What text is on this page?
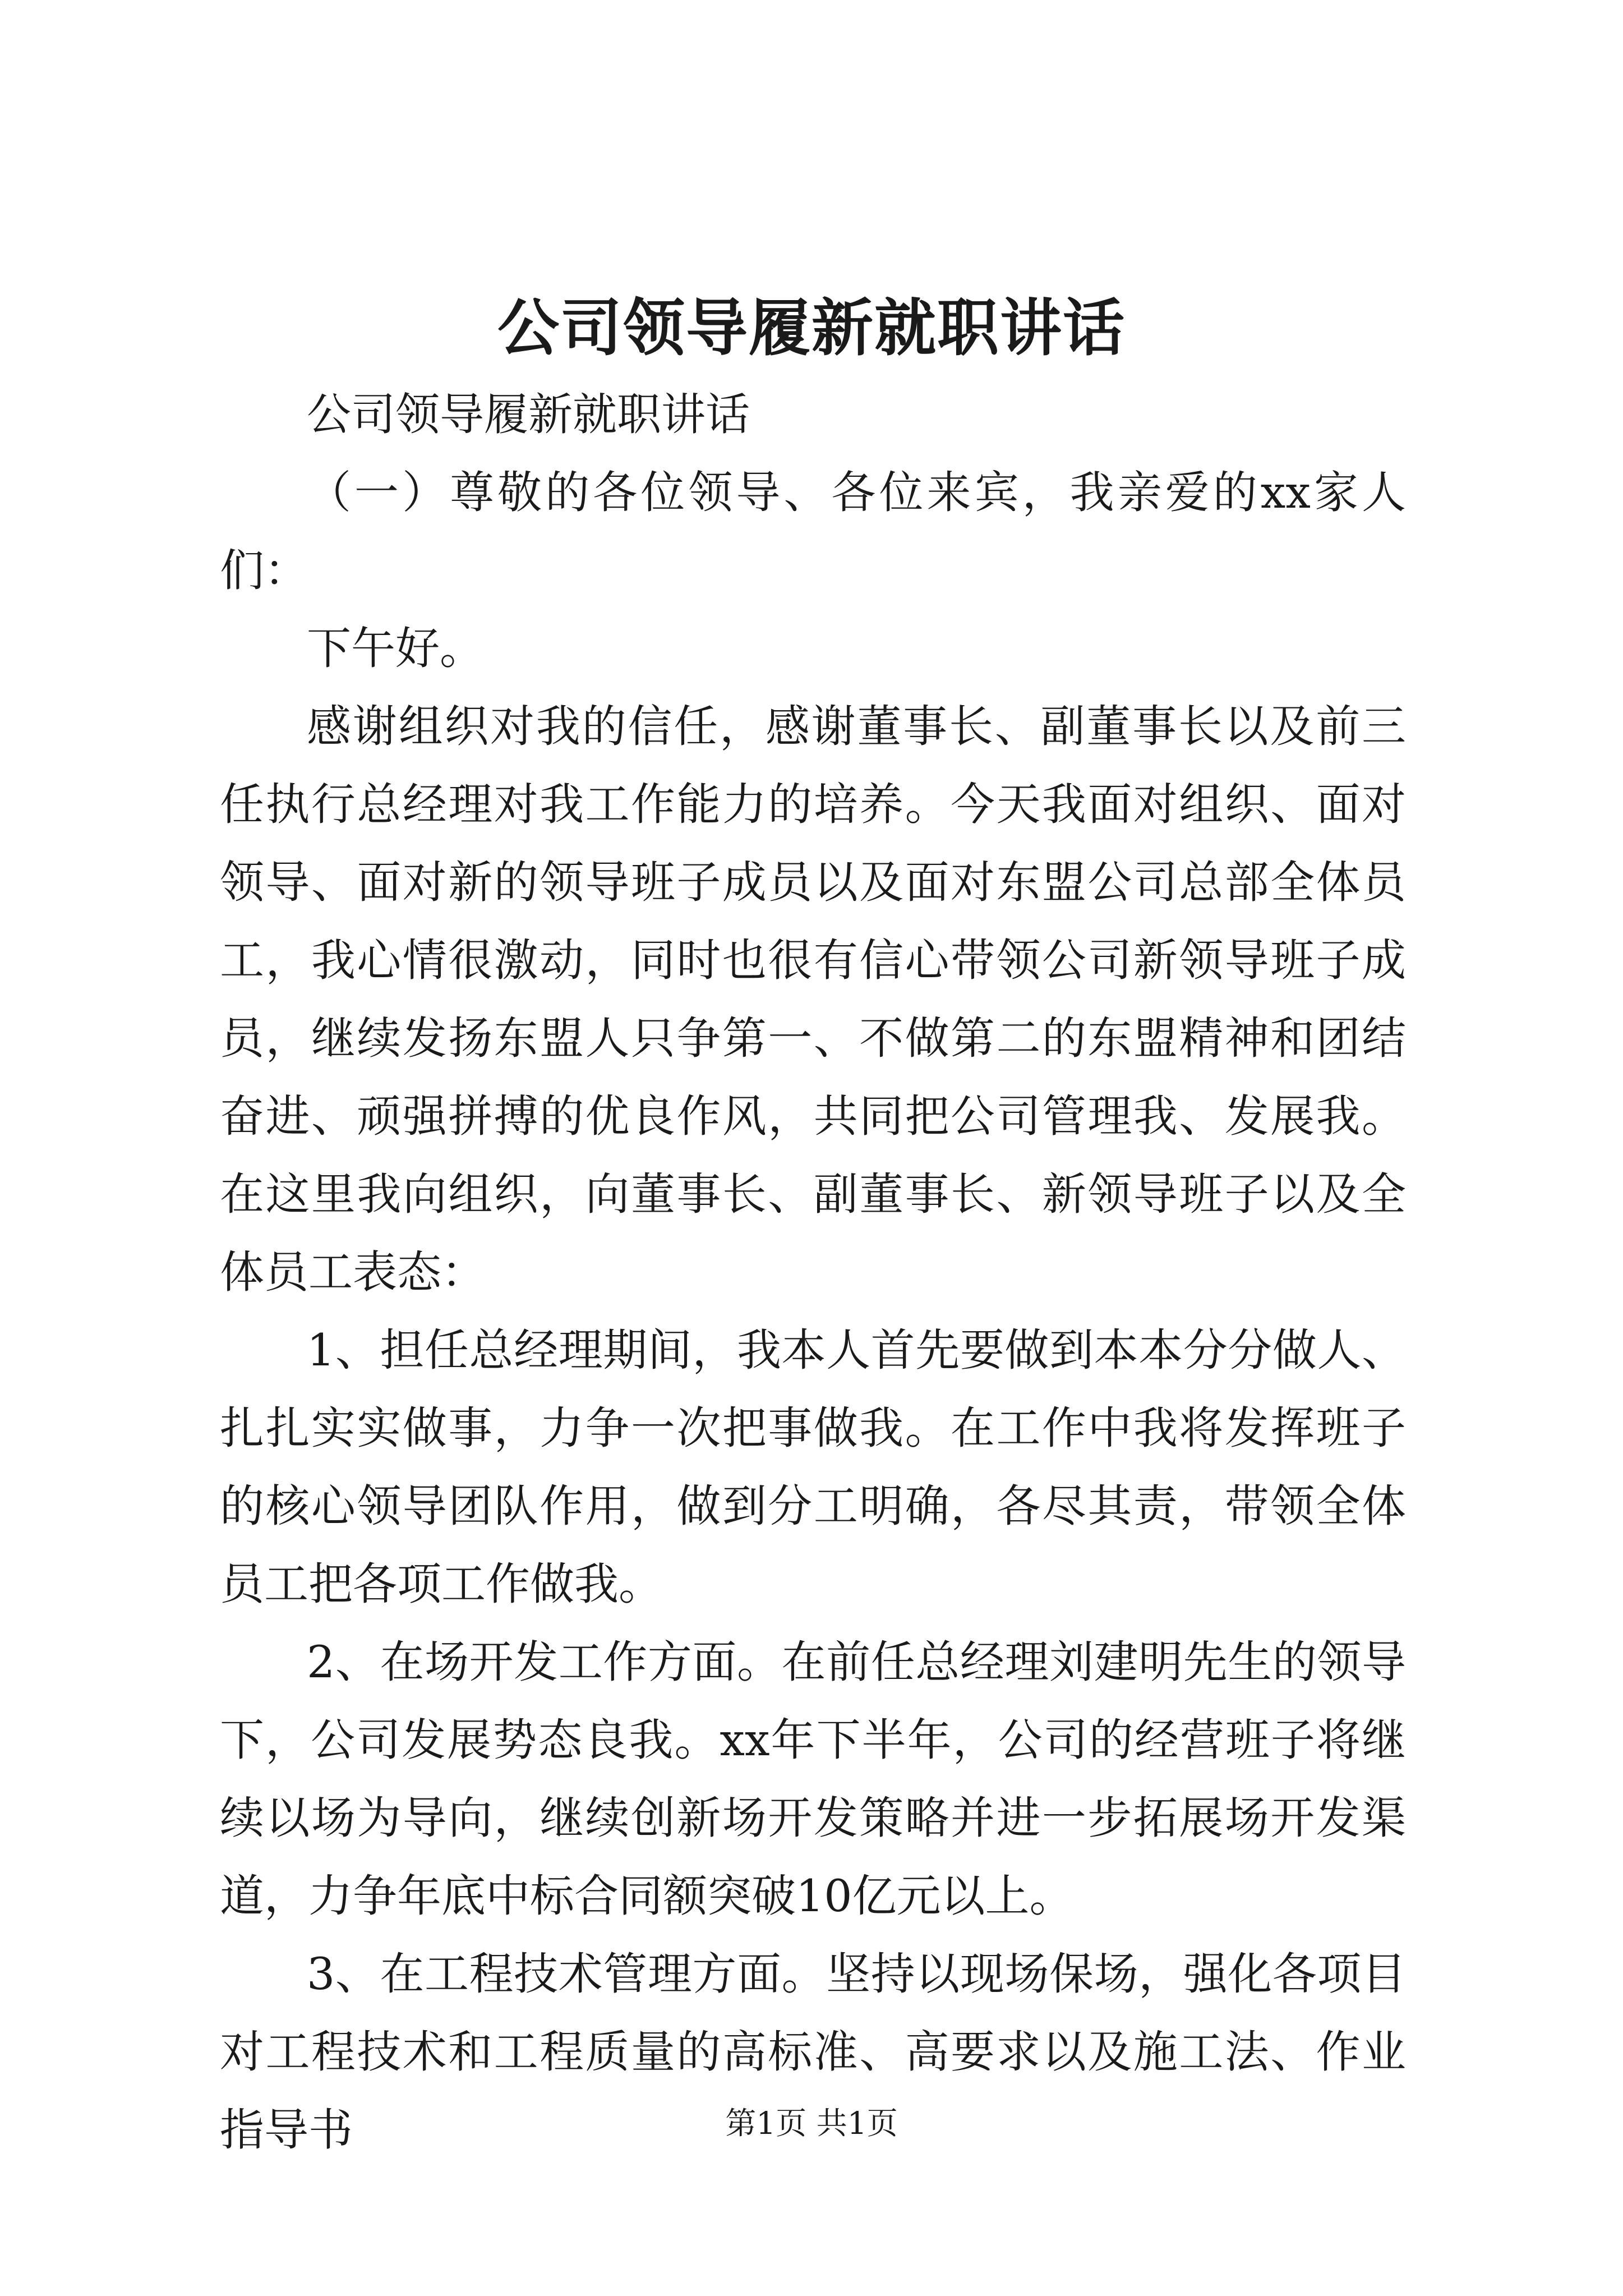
公司领导履新就职讲话

公司领导履新就职讲话

（一）尊敬的各位领导、各位来宾，我亲爱的xx家人们：

下午好。

感谢组织对我的信任，感谢董事长、副董事长以及前三任执行总经理对我工作能力的培养。今天我面对组织、面对领导、面对新的领导班子成员以及面对东盟公司总部全体员工，我心情很激动，同时也很有信心带领公司新领导班子成员，继续发扬东盟人只争第一、不做第二的东盟精神和团结奋进、顽强拼搏的优良作风，共同把公司管理我、发展我。在这里我向组织，向董事长、副董事长、新领导班子以及全体员工表态：

1、担任总经理期间，我本人首先要做到本本分分做人、扎扎实实做事，力争一次把事做我。在工作中我将发挥班子的核心领导团队作用，做到分工明确，各尽其责，带领全体员工把各项工作做我。

2、在场开发工作方面。在前任总经理刘建明先生的领导下，公司发展势态良我。xx年下半年，公司的经营班子将继续以场为导向，继续创新场开发策略并进一步拓展场开发渠道，力争年底中标合同额突破10亿元以上。

3、在工程技术管理方面。坚持以现场保场，强化各项目对工程技术和工程质量的高标准、高要求以及施工法、作业指导书	第1页 共1页
